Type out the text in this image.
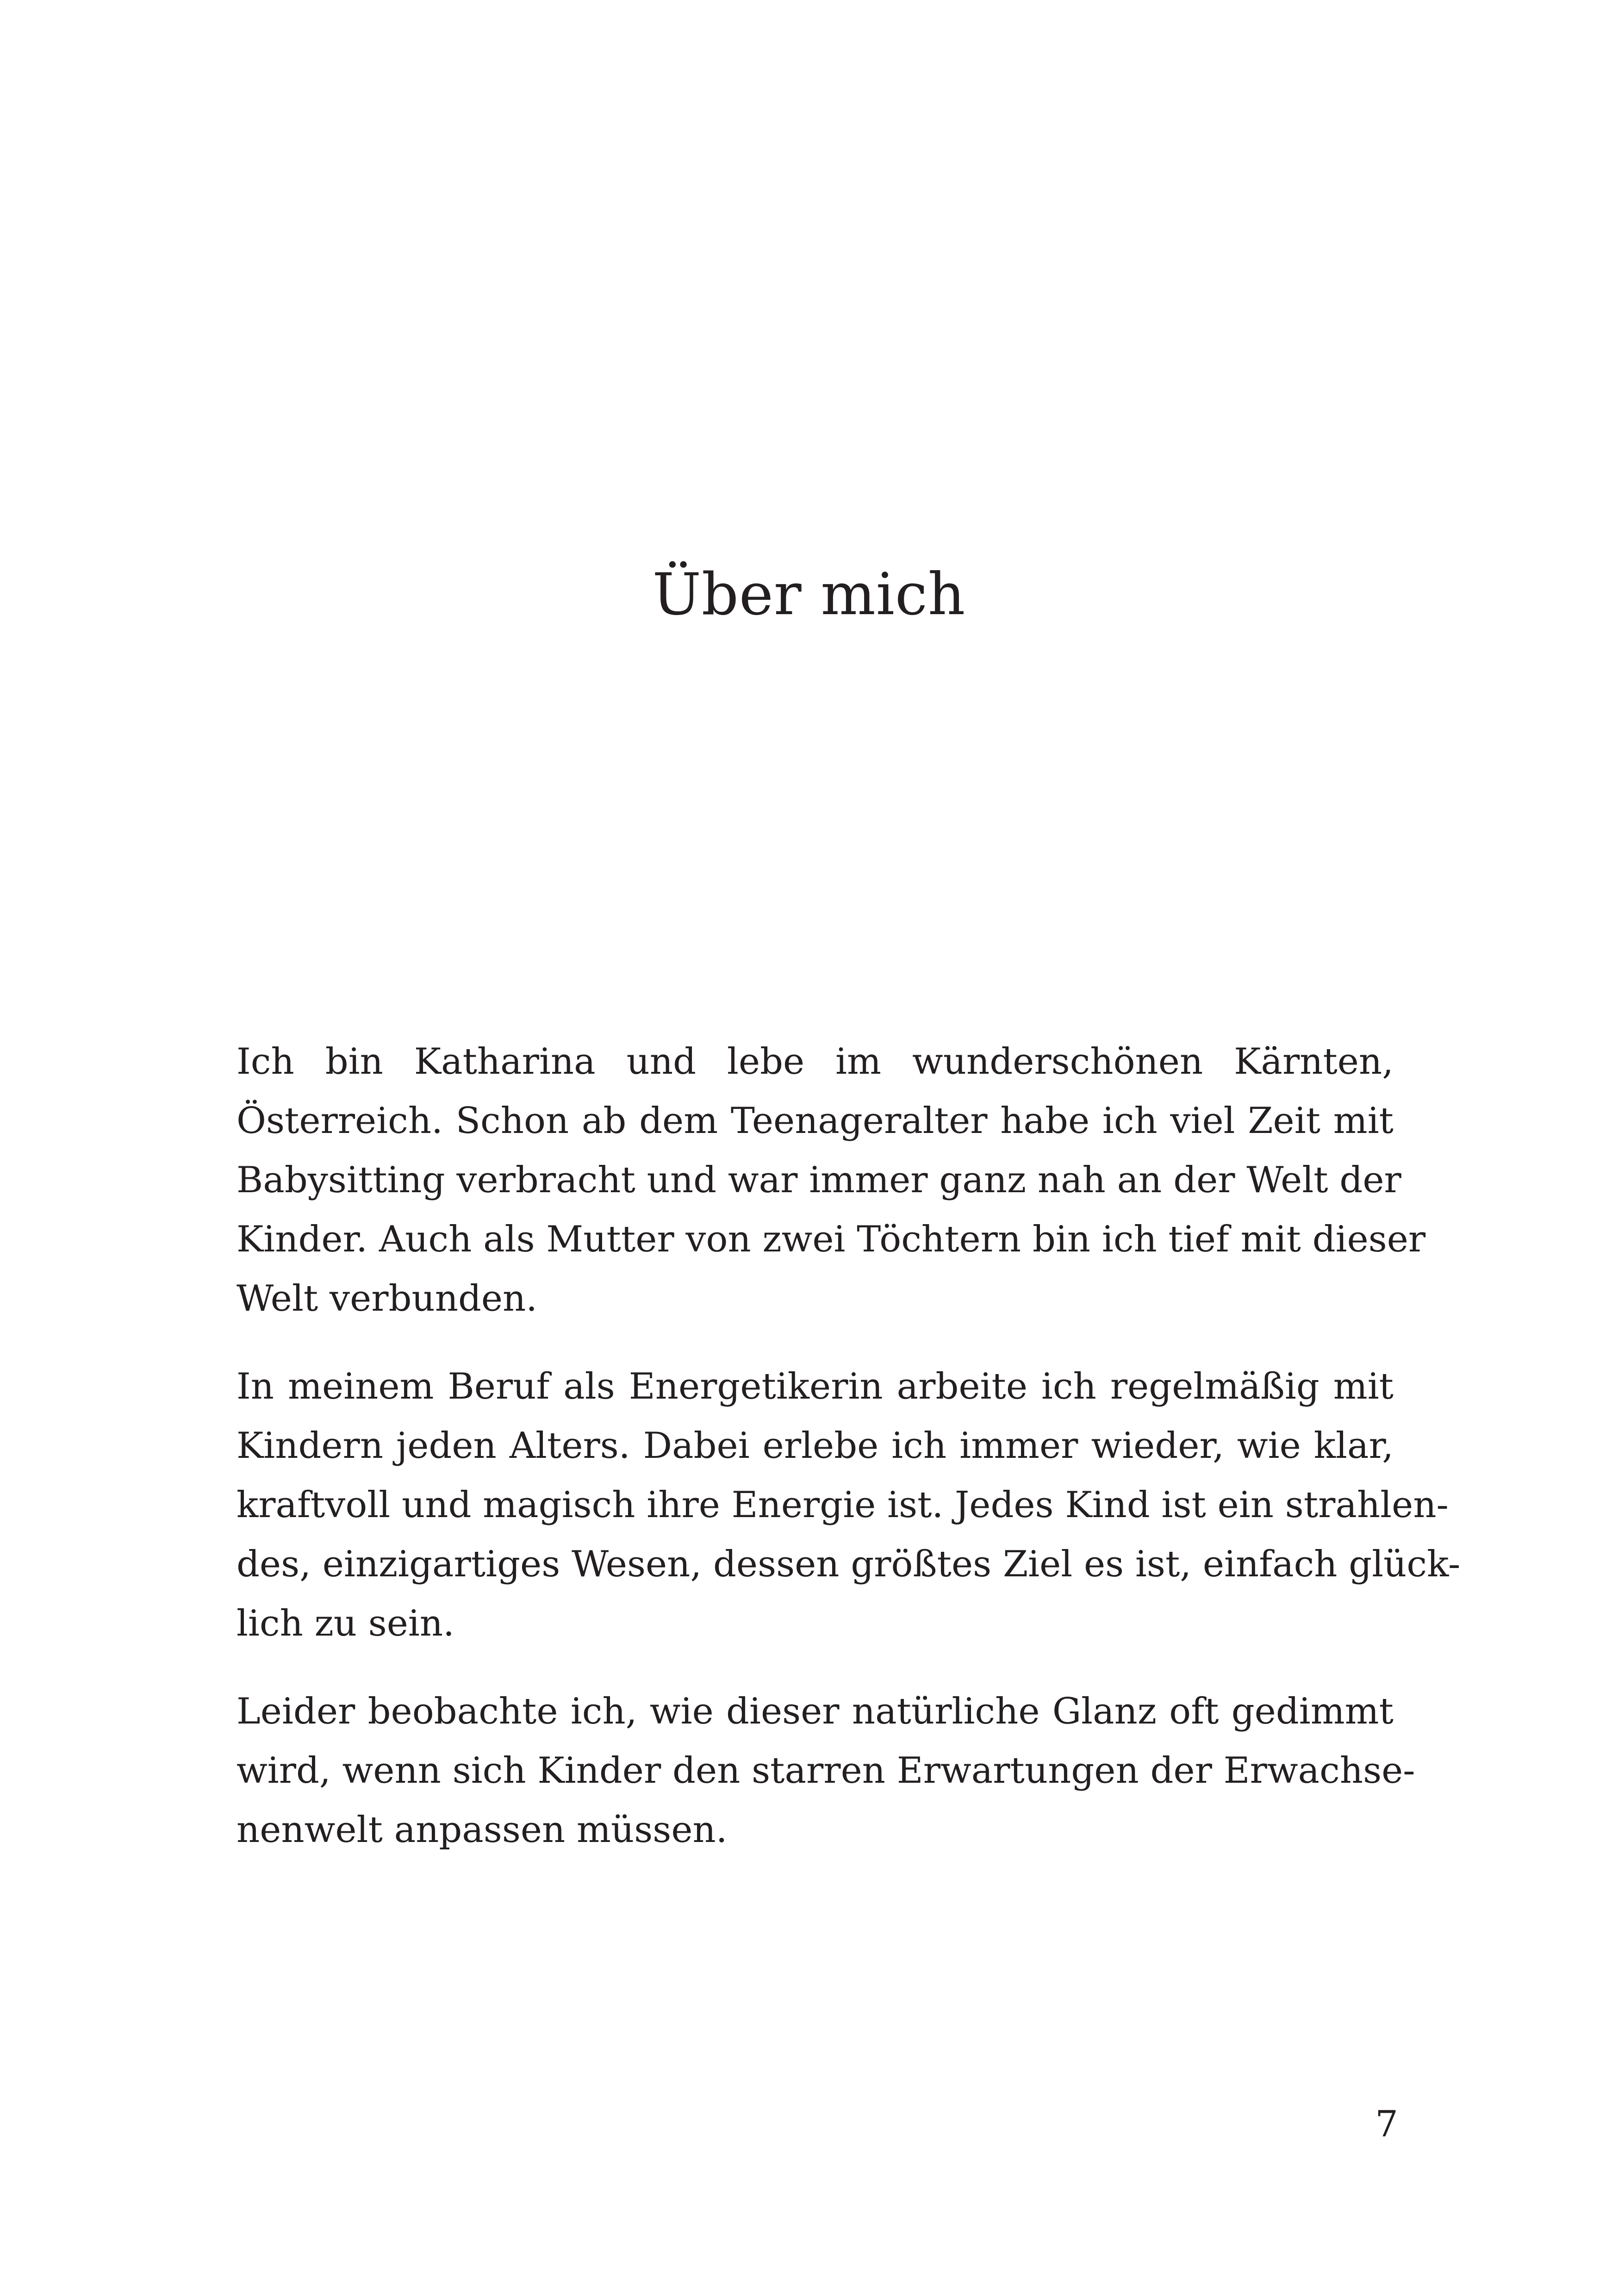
Über mich

Ich bin Katharina und lebe im wunderschönen Kärnten,
Österreich. Schon ab dem Teenageralter habe ich viel Zeit mit
Babysitting verbracht und war immer ganz nah an der Welt der
Kinder. Auch als Mutter von zwei Töchtern bin ich tief mit dieser
Welt verbunden.

In meinem Beruf als Energetikerin arbeite ich regelmäßig mit
Kindern jeden Alters. Dabei erlebe ich immer wieder, wie klar,
kraftvoll und magisch ihre Energie ist. Jedes Kind ist ein strahlen-
des, einzigartiges Wesen, dessen größtes Ziel es ist, einfach glück-
lich zu sein.

Leider beobachte ich, wie dieser natürliche Glanz oft gedimmt
wird, wenn sich Kinder den starren Erwartungen der Erwachse-
nenwelt anpassen müssen.

7
